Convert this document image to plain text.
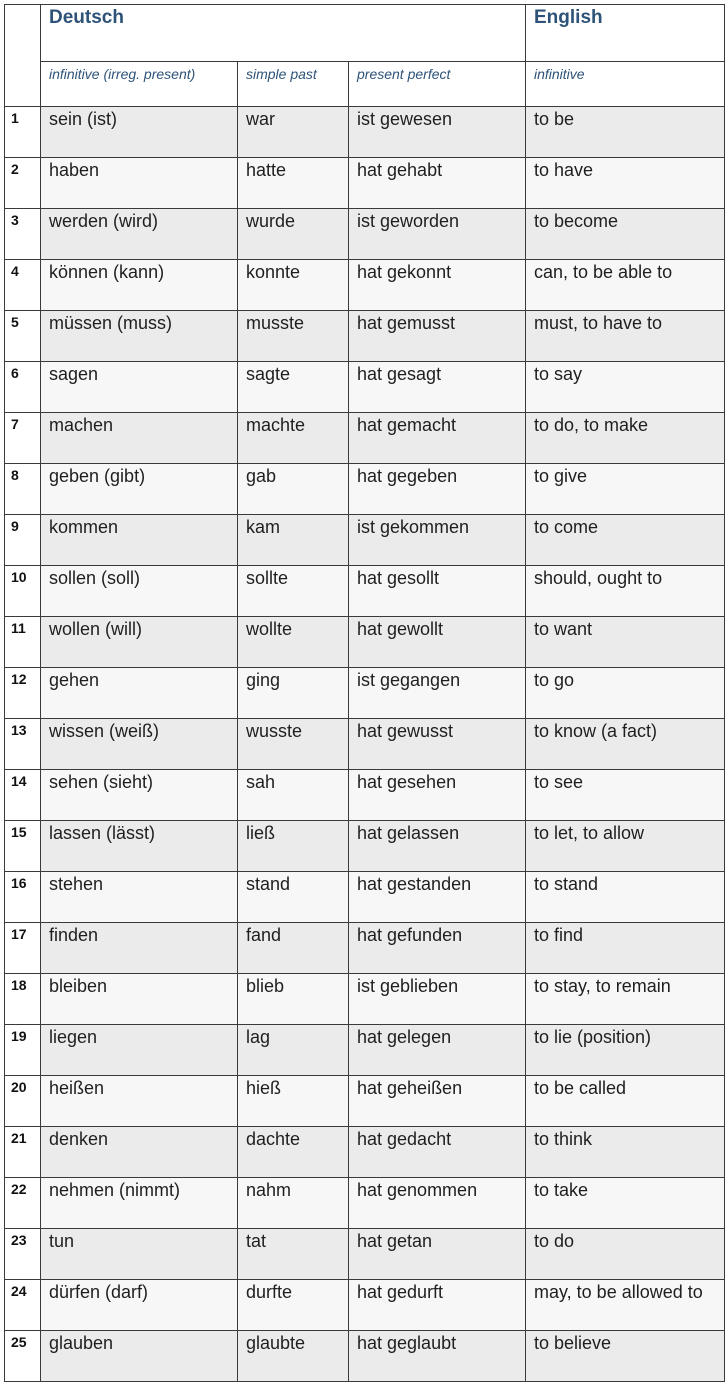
	Deutsch			English
	infinitive (irreg. present)	simple past	present perfect	infinitive
1	sein (ist)	war	ist gewesen	to be
2	haben	hatte	hat gehabt	to have
3	werden (wird)	wurde	ist geworden	to become
4	können (kann)	konnte	hat gekonnt	can, to be able to
5	müssen (muss)	musste	hat gemusst	must, to have to
6	sagen	sagte	hat gesagt	to say
7	machen	machte	hat gemacht	to do, to make
8	geben (gibt)	gab	hat gegeben	to give
9	kommen	kam	ist gekommen	to come
10	sollen (soll)	sollte	hat gesollt	should, ought to
11	wollen (will)	wollte	hat gewollt	to want
12	gehen	ging	ist gegangen	to go
13	wissen (weiß)	wusste	hat gewusst	to know (a fact)
14	sehen (sieht)	sah	hat gesehen	to see
15	lassen (lässt)	ließ	hat gelassen	to let, to allow
16	stehen	stand	hat gestanden	to stand
17	finden	fand	hat gefunden	to find
18	bleiben	blieb	ist geblieben	to stay, to remain
19	liegen	lag	hat gelegen	to lie (position)
20	heißen	hieß	hat geheißen	to be called
21	denken	dachte	hat gedacht	to think
22	nehmen (nimmt)	nahm	hat genommen	to take
23	tun	tat	hat getan	to do
24	dürfen (darf)	durfte	hat gedurft	may, to be allowed to
25	glauben	glaubte	hat geglaubt	to believe
